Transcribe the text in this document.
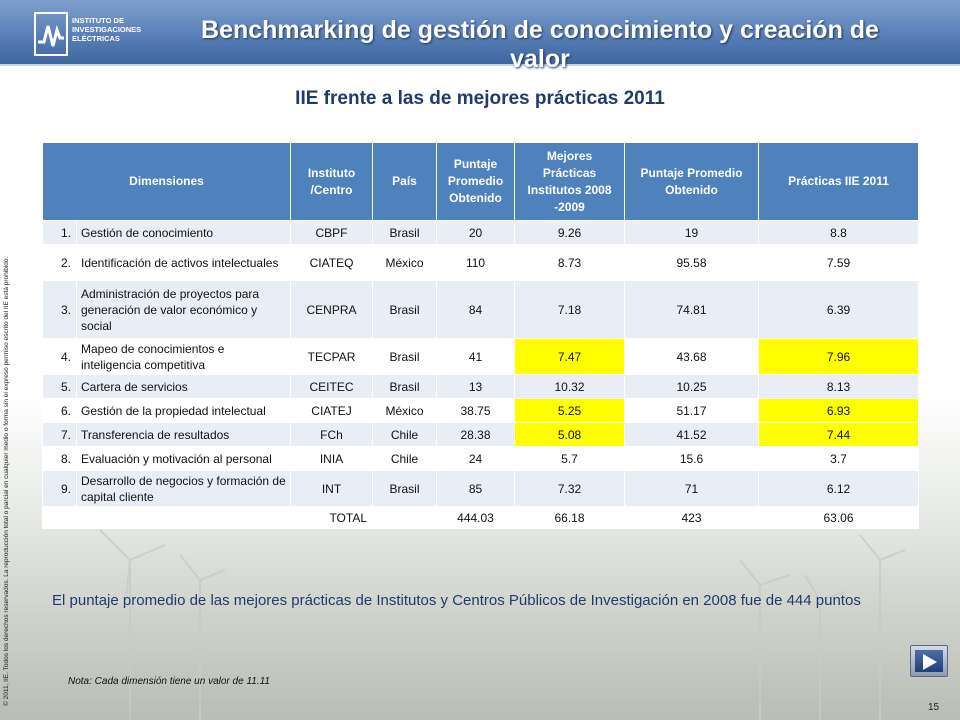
INSTITUTO DE
INVESTIGACIONES
ELÉCTRICAS	Benchmarking de gestión de conocimiento y creación de valor
© 2011, IIE. Todos los derechos reservados. La reproducción total o parcial en cualquier medio o forma sin el expreso permiso escrito del IIE está prohibido.
IIE frente a las de mejores prácticas 2011
Dimensiones		Instituto /Centro	País	Puntaje Promedio Obtenido	Mejores Prácticas Institutos 2008 -2009	Puntaje Promedio Obtenido	Prácticas IIE 2011
1.	Gestión de conocimiento	CBPF	Brasil	20	9.26	19	8.8
2.	Identificación de activos intelectuales	CIATEQ	México	110	8.73	95.58	7.59
3.	Administración de proyectos para generación de valor económico y social	CENPRA	Brasil	84	7.18	74.81	6.39
4.	Mapeo de conocimientos e inteligencia competitiva	TECPAR	Brasil	41	7.47	43.68	7.96
5.	Cartera de servicios	CEITEC	Brasil	13	10.32	10.25	8.13
6.	Gestión de la propiedad intelectual	CIATEJ	México	38.75	5.25	51.17	6.93
7.	Transferencia de resultados	FCh	Chile	28.38	5.08	41.52	7.44
8.	Evaluación y motivación al personal	INIA	Chile	24	5.7	15.6	3.7
9.	Desarrollo de negocios y formación de capital cliente	INT	Brasil	85	7.32	71	6.12
TOTAL				444.03	66.18	423	63.06
El puntaje promedio de las mejores prácticas de Institutos y Centros Públicos de Investigación en 2008 fue de 444 puntos
Nota: Cada dimensión tiene un valor de 11.11
15
